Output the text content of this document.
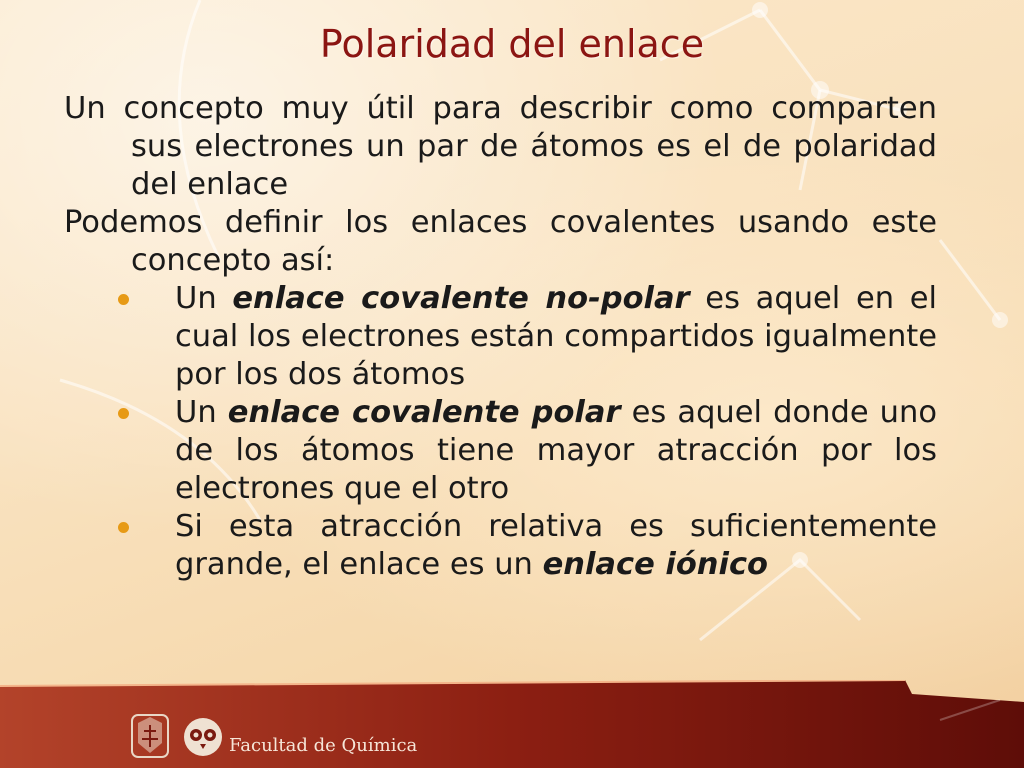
Polaridad del enlace

Un concepto muy útil para describir como comparten sus electrones un par de átomos es el de polaridad del enlace

Podemos definir los enlaces covalentes usando este concepto así:

Un enlace covalente no-polar es aquel en el cual los electrones están compartidos igualmente por los dos átomos
Un enlace covalente polar es aquel donde uno de los átomos tiene mayor atracción por los electrones que el otro
Si esta atracción relativa es suficientemente grande, el enlace es un enlace iónico
Facultad de Química
